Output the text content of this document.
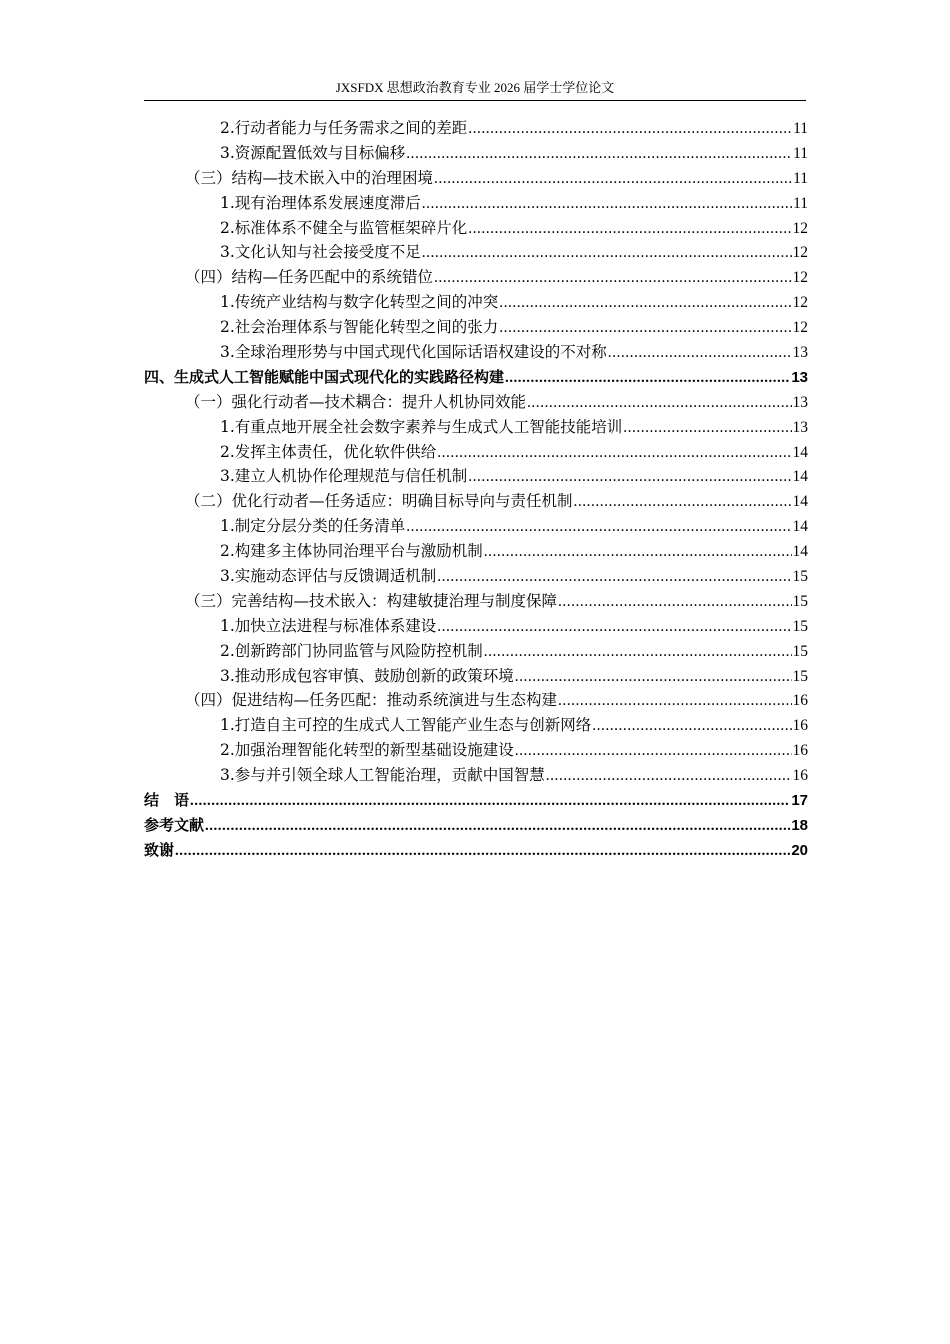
JXSFDX 思想政治教育专业 2026 届学士学位论文
2.行动者能力与任务需求之间的差距 .....	11
3.资源配置低效与目标偏移 .....	11
（三）结构—技术嵌入中的治理困境 .....	11
1.现有治理体系发展速度滞后 .....	11
2.标准体系不健全与监管框架碎片化 .....	12
3.文化认知与社会接受度不足 .....	12
（四）结构—任务匹配中的系统错位 .....	12
1.传统产业结构与数字化转型之间的冲突 .....	12
2.社会治理体系与智能化转型之间的张力 .....	12
3.全球治理形势与中国式现代化国际话语权建设的不对称 .....	13
四、生成式人工智能赋能中国式现代化的实践路径构建 .....	13
（一）强化行动者—技术耦合：提升人机协同效能 .....	13
1.有重点地开展全社会数字素养与生成式人工智能技能培训 .....	13
2.发挥主体责任，优化软件供给 .....	14
3.建立人机协作伦理规范与信任机制 .....	14
（二）优化行动者—任务适应：明确目标导向与责任机制 .....	14
1.制定分层分类的任务清单 .....	14
2.构建多主体协同治理平台与激励机制 .....	14
3.实施动态评估与反馈调适机制 .....	15
（三）完善结构—技术嵌入：构建敏捷治理与制度保障 .....	15
1.加快立法进程与标准体系建设 .....	15
2.创新跨部门协同监管与风险防控机制 .....	15
3.推动形成包容审慎、鼓励创新的政策环境 .....	15
（四）促进结构—任务匹配：推动系统演进与生态构建 .....	16
1.打造自主可控的生成式人工智能产业生态与创新网络 .....	16
2.加强治理智能化转型的新型基础设施建设 .....	16
3.参与并引领全球人工智能治理，贡献中国智慧 .....	16
结　语 .....	17
参考文献 .....	18
致谢 .....	20
